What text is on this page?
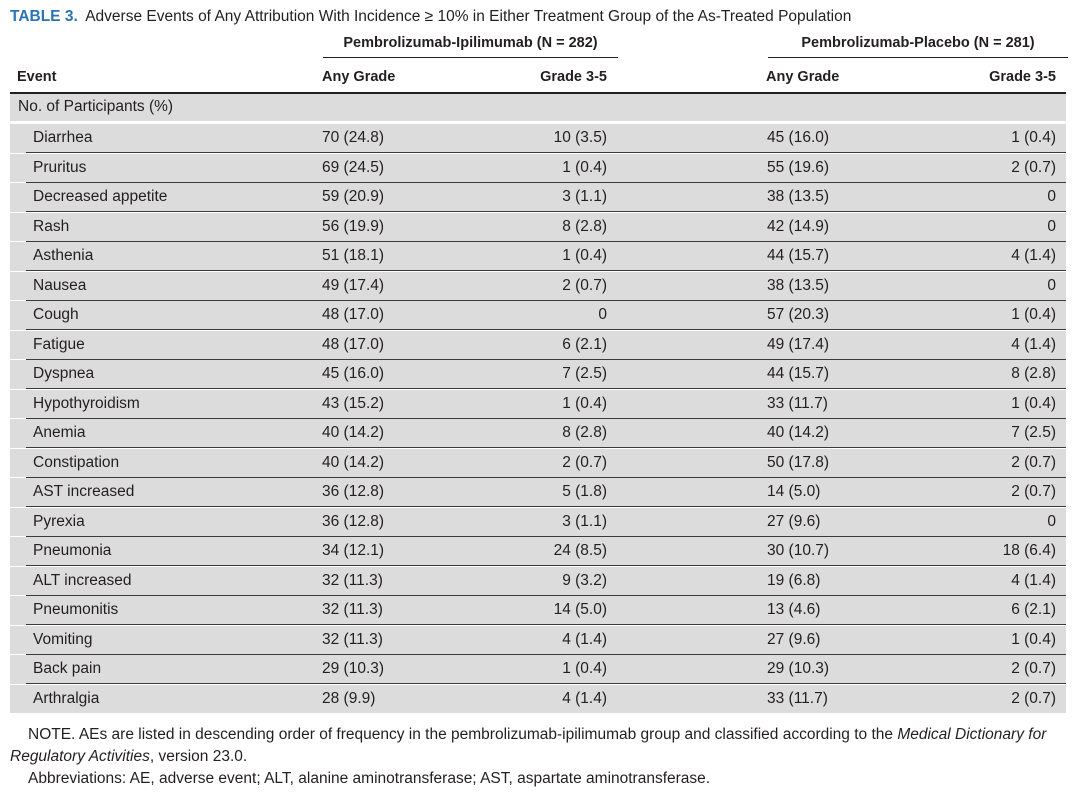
TABLE 3. Adverse Events of Any Attribution With Incidence ≥ 10% in Either Treatment Group of the As-Treated Population
Pembrolizumab-Ipilimumab (N = 282)	Pembrolizumab-Placebo (N = 281)
Event	Any Grade	Grade 3-5	Any Grade	Grade 3-5
No. of Participants (%)
Diarrhea	70 (24.8)	10 (3.5)	45 (16.0)	1 (0.4)
Pruritus	69 (24.5)	1 (0.4)	55 (19.6)	2 (0.7)
Decreased appetite	59 (20.9)	3 (1.1)	38 (13.5)	0
Rash	56 (19.9)	8 (2.8)	42 (14.9)	0
Asthenia	51 (18.1)	1 (0.4)	44 (15.7)	4 (1.4)
Nausea	49 (17.4)	2 (0.7)	38 (13.5)	0
Cough	48 (17.0)	0	57 (20.3)	1 (0.4)
Fatigue	48 (17.0)	6 (2.1)	49 (17.4)	4 (1.4)
Dyspnea	45 (16.0)	7 (2.5)	44 (15.7)	8 (2.8)
Hypothyroidism	43 (15.2)	1 (0.4)	33 (11.7)	1 (0.4)
Anemia	40 (14.2)	8 (2.8)	40 (14.2)	7 (2.5)
Constipation	40 (14.2)	2 (0.7)	50 (17.8)	2 (0.7)
AST increased	36 (12.8)	5 (1.8)	14 (5.0)	2 (0.7)
Pyrexia	36 (12.8)	3 (1.1)	27 (9.6)	0
Pneumonia	34 (12.1)	24 (8.5)	30 (10.7)	18 (6.4)
ALT increased	32 (11.3)	9 (3.2)	19 (6.8)	4 (1.4)
Pneumonitis	32 (11.3)	14 (5.0)	13 (4.6)	6 (2.1)
Vomiting	32 (11.3)	4 (1.4)	27 (9.6)	1 (0.4)
Back pain	29 (10.3)	1 (0.4)	29 (10.3)	2 (0.7)
Arthralgia	28 (9.9)	4 (1.4)	33 (11.7)	2 (0.7)
NOTE. AEs are listed in descending order of frequency in the pembrolizumab-ipilimumab group and classified according to the Medical Dictionary for Regulatory Activities, version 23.0.
Abbreviations: AE, adverse event; ALT, alanine aminotransferase; AST, aspartate aminotransferase.
